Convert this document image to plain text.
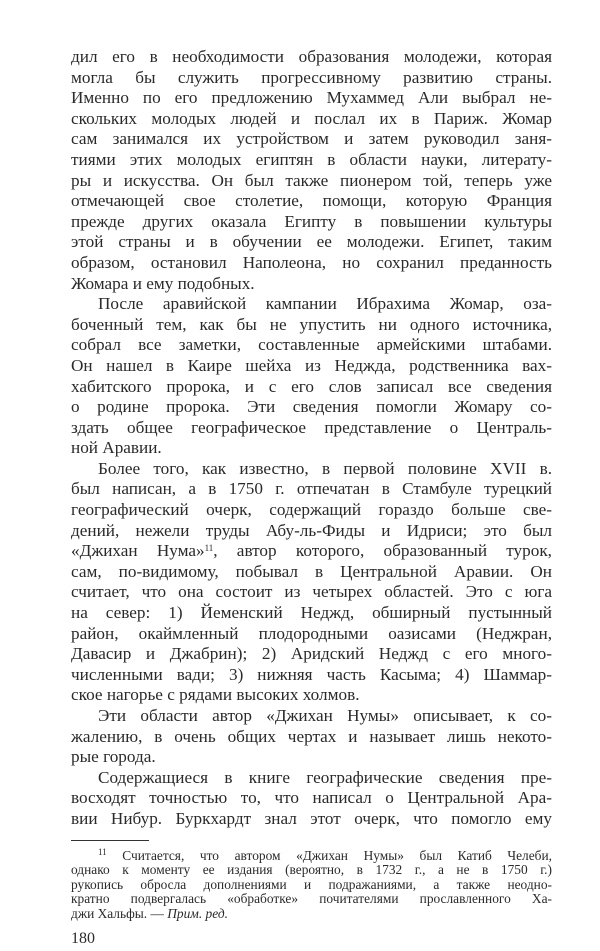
дил его в необходимости образования молодежи, которая
могла бы служить прогрессивному развитию страны.
Именно по его предложению Мухаммед Али выбрал не-
скольких молодых людей и послал их в Париж. Жомар
сам занимался их устройством и затем руководил заня-
тиями этих молодых египтян в области науки, литерату-
ры и искусства. Он был также пионером той, теперь уже
отмечающей свое столетие, помощи, которую Франция
прежде других оказала Египту в повышении культуры
этой страны и в обучении ее молодежи. Египет, таким
образом, остановил Наполеона, но сохранил преданность
Жомара и ему подобных.
После аравийской кампании Ибрахима Жомар, оза-
боченный тем, как бы не упустить ни одного источника,
собрал все заметки, составленные армейскими штабами.
Он нашел в Каире шейха из Неджда, родственника вах-
хабитского пророка, и с его слов записал все сведения
о родине пророка. Эти сведения помогли Жомару со-
здать общее географическое представление о Централь-
ной Аравии.
Более того, как известно, в первой половине XVII в.
был написан, а в 1750 г. отпечатан в Стамбуле турецкий
географический очерк, содержащий гораздо больше све-
дений, нежели труды Абу-ль-Фиды и Идриси; это был
«Джихан Нума»$^{11}$, автор которого, образованный турок,
сам, по-видимому, побывал в Центральной Аравии. Он
считает, что она состоит из четырех областей. Это с юга
на север: 1) Йеменский Неджд, обширный пустынный
район, окаймленный плодородными оазисами (Неджран,
Давасир и Джабрин); 2) Аридский Неджд с его много-
численными вади; 3) нижняя часть Касыма; 4) Шаммар-
ское нагорье с рядами высоких холмов.
Эти области автор «Джихан Нумы» описывает, к со-
жалению, в очень общих чертах и называет лишь некото-
рые города.
Содержащиеся в книге географические сведения пре-
восходят точностью то, что написал о Центральной Ара-
вии Нибур. Буркхардт знал этот очерк, что помогло ему
$^{11}$ Считается, что автором «Джихан Нумы» был Катиб Челеби,
однако к моменту ее издания (вероятно, в 1732 г., а не в 1750 г.)
рукопись обросла дополнениями и подражаниями, а также неодно-
кратно подвергалась «обработке» почитателями прославленного Ха-
джи Хальфы. — Прим. ред.
180
